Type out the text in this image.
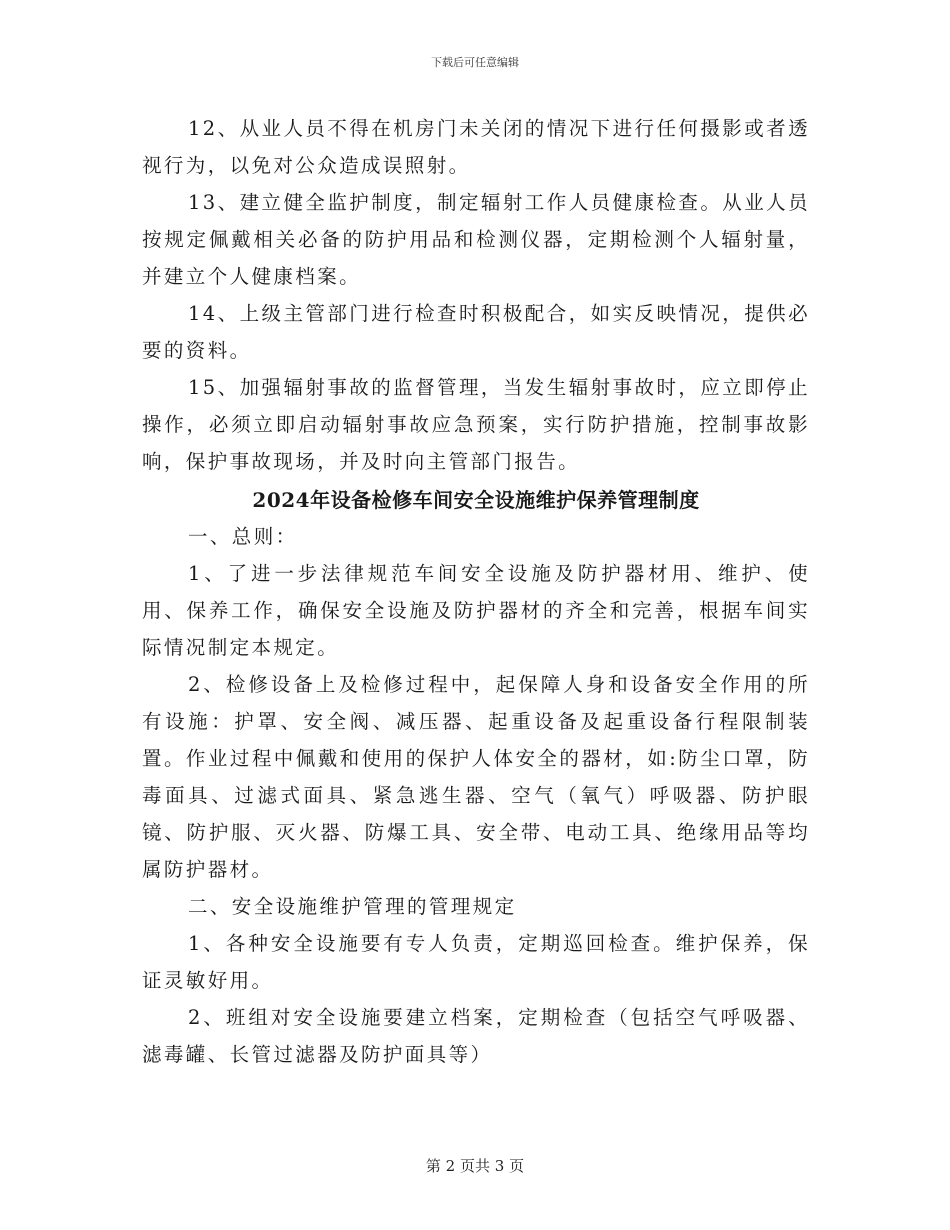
下载后可任意编辑

12、从业人员不得在机房门未关闭的情况下进行任何摄影或者透视行为，以免对公众造成误照射。

13、建立健全监护制度，制定辐射工作人员健康检查。从业人员按规定佩戴相关必备的防护用品和检测仪器，定期检测个人辐射量，并建立个人健康档案。

14、上级主管部门进行检查时积极配合，如实反映情况，提供必要的资料。

15、加强辐射事故的监督管理，当发生辐射事故时，应立即停止操作，必须立即启动辐射事故应急预案，实行防护措施，控制事故影响，保护事故现场，并及时向主管部门报告。

2024年设备检修车间安全设施维护保养管理制度

一、总则：

1、了进一步法律规范车间安全设施及防护器材用、维护、使用、保养工作，确保安全设施及防护器材的齐全和完善，根据车间实际情况制定本规定。

2、检修设备上及检修过程中，起保障人身和设备安全作用的所有设施：护罩、安全阀、减压器、起重设备及起重设备行程限制装置。作业过程中佩戴和使用的保护人体安全的器材，如:防尘口罩，防毒面具、过滤式面具、紧急逃生器、空气（氧气）呼吸器、防护眼镜、防护服、灭火器、防爆工具、安全带、电动工具、绝缘用品等均属防护器材。

二、安全设施维护管理的管理规定

1、各种安全设施要有专人负责，定期巡回检查。维护保养，保证灵敏好用。

2、班组对安全设施要建立档案，定期检查（包括空气呼吸器、滤毒罐、长管过滤器及防护面具等）

第 2 页共 3 页
